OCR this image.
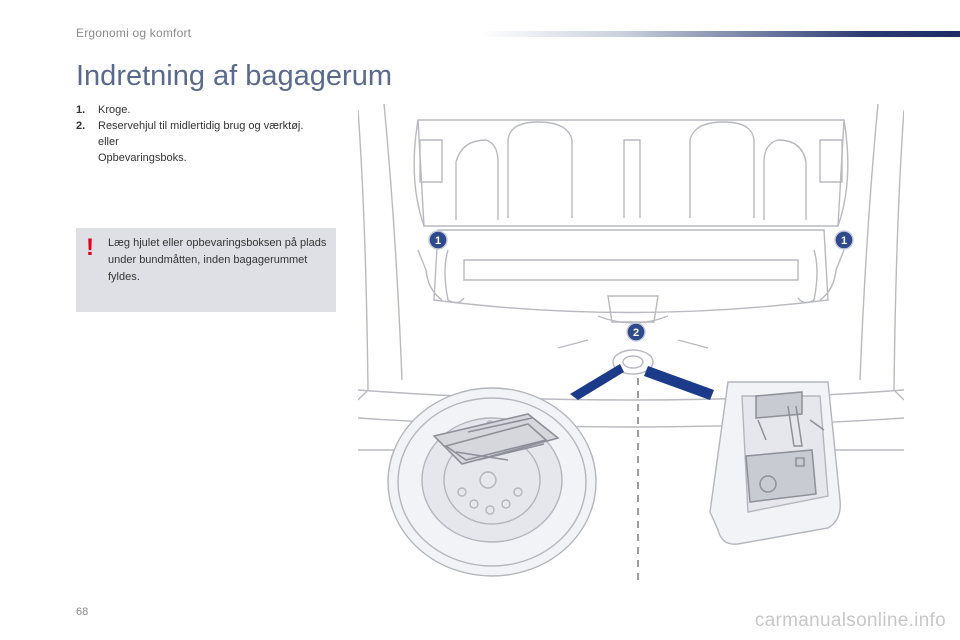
Ergonomi og komfort
Indretning af bagagerum
1.	Kroge.
2.	Reservehjul til midlertidig brug og værktøj.
eller
Opbevaringsboks.
! Læg hjulet eller opbevaringsboksen på plads under bundmåtten, inden bagagerummet fyldes.
1	1
2
68	carmanualsonline.info
